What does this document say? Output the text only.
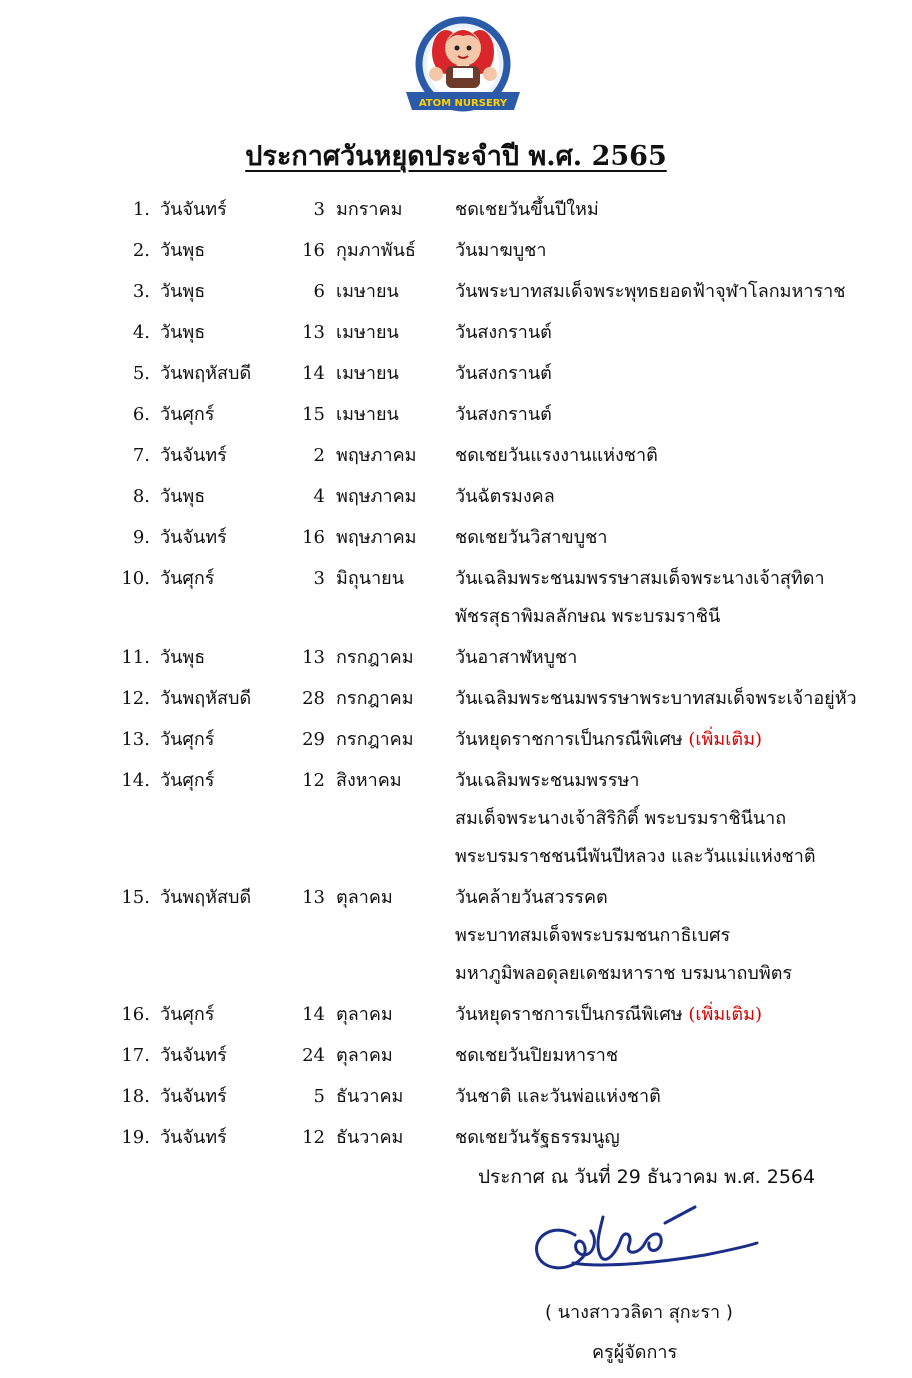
ATOM NURSERY
ประกาศวันหยุดประจำปี พ.ศ. 2565
1. วันจันทร์	3 มกราคม	ชดเชยวันขึ้นปีใหม่
2. วันพุธ	16 กุมภาพันธ์ วันมาฆบูชา
3. วันพุธ	6 เมษายน	วันพระบาทสมเด็จพระพุทธยอดฟ้าจุฬาโลกมหาราช
4. วันพุธ	13 เมษายน	วันสงกรานต์
5. วันพฤหัสบดี	14 เมษายน	วันสงกรานต์
6. วันศุกร์	15 เมษายน	วันสงกรานต์
7. วันจันทร์	2 พฤษภาคม ชดเชยวันแรงงานแห่งชาติ
8. วันพุธ	4 พฤษภาคม วันฉัตรมงคล
9. วันจันทร์	16 พฤษภาคม ชดเชยวันวิสาขบูชา
10. วันศุกร์	3 มิถุนายน	วันเฉลิมพระชนมพรรษาสมเด็จพระนางเจ้าสุทิดา
พัชรสุธาพิมลลักษณ พระบรมราชินี
11. วันพุธ	13 กรกฎาคม วันอาสาฬหบูชา
12. วันพฤหัสบดี	28 กรกฎาคม วันเฉลิมพระชนมพรรษาพระบาทสมเด็จพระเจ้าอยู่หัว
13. วันศุกร์	29 กรกฎาคม วันหยุดราชการเป็นกรณีพิเศษ (เพิ่มเติม)
14. วันศุกร์	12 สิงหาคม	วันเฉลิมพระชนมพรรษา
สมเด็จพระนางเจ้าสิริกิติ์ พระบรมราชินีนาถ
พระบรมราชชนนีพันปีหลวง และวันแม่แห่งชาติ
15. วันพฤหัสบดี	13 ตุลาคม	วันคล้ายวันสวรรคต
พระบาทสมเด็จพระบรมชนกาธิเบศร
มหาภูมิพลอดุลยเดชมหาราช บรมนาถบพิตร
16. วันศุกร์	14 ตุลาคม	วันหยุดราชการเป็นกรณีพิเศษ (เพิ่มเติม)
17. วันจันทร์	24 ตุลาคม	ชดเชยวันปิยมหาราช
18. วันจันทร์	5 ธันวาคม	วันชาติ และวันพ่อแห่งชาติ
19. วันจันทร์	12 ธันวาคม	ชดเชยวันรัฐธรรมนูญ
ประกาศ ณ วันที่ 29 ธันวาคม พ.ศ. 2564
( นางสาววลิดา สุกะรา )
ครูผู้จัดการ
